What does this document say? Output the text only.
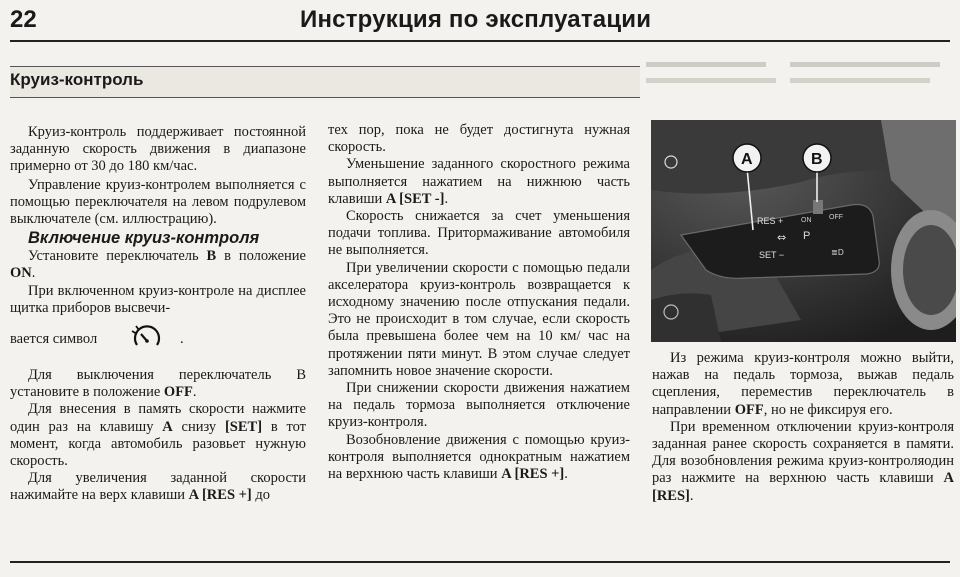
22	Инструкция по эксплуатации
Круиз-контроль

Круиз-контроль поддерживает постоянной заданную скорость движения в диапазоне примерно от 30 до 180 км/час.

Управление круиз-контролем выполняется с помощью переключателя на левом подрулевом выключателе (см. иллюстрацию).

Включение круиз-контроля

Установите переключатель B в положение ON.

При включенном круиз-контроле на дисплее щитка приборов высвечи-

вается символ	.

Для выключения переключатель В установите в положение OFF.

Для внесения в память скорости нажмите один раз на клавишу A снизу [SET] в тот момент, когда автомобиль разовьет нужную скорость.

Для увеличения заданной скорости нажимайте на верх клавиши A [RES +] до

тех пор, пока не будет достигнута нужная скорость.

Уменьшение заданного скоростного режима выполняется нажатием на нижнюю часть клавиши A [SET -].

Скорость снижается за счет уменьшения подачи топлива. Притормаживание автомобиля не выполняется.

При увеличении скорости с помощью педали акселератора круиз-контроль возвращается к исходному значению после отпускания педали. Это не происходит в том случае, если скорость была превышена более чем на 10 км/ час на протяжении пяти минут. В этом случае следует запомнить новое значение скорости.

При снижении скорости движения нажатием на педаль тормоза выполняется отключение круиз-контроля.

Возобновление движения с помощью круиз-контроля выполняется однократным нажатием на верхнюю часть клавиши A [RES +].

RES +	ON	OFF
SET −
⇔ P
≣D
A	B

Из режима круиз-контроля можно выйти, нажав на педаль тормоза, выжав педаль сцепления, переместив переключатель в направлении OFF, но не фиксируя его.

При временном отключении круиз-контроля заданная ранее скорость сохраняется в памяти. Для возобновления режима круиз-контроляодин раз нажмите на верхнюю часть клавиши A [RES].
